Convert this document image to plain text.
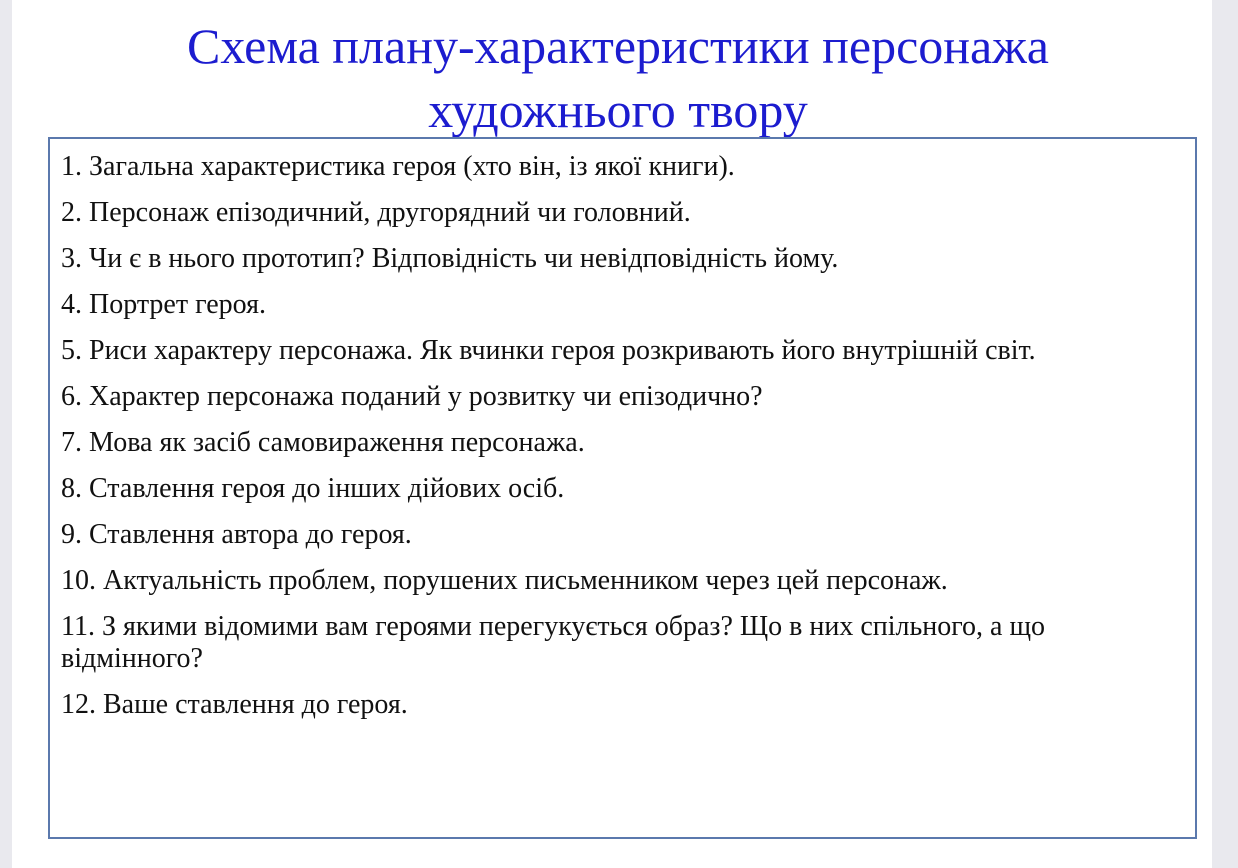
Схема плану-характеристики персонажа
художнього твору
1. Загальна характеристика героя (хто він, із якої книги).
2. Персонаж епізодичний, другорядний чи головний.
3. Чи є в нього прототип? Відповідність чи невідповідність йому.
4. Портрет героя.
5. Риси характеру персонажа. Як вчинки героя розкривають його внутрішній світ.
6. Характер персонажа поданий у розвитку чи епізодично?
7. Мова як засіб самовираження персонажа.
8. Ставлення героя до інших дійових осіб.
9. Ставлення автора до героя.
10. Актуальність проблем, порушених письменником через цей персонаж.
11. З якими відомими вам героями перегукується образ? Що в них спільного, а що відмінного?
12. Ваше ставлення до героя.
